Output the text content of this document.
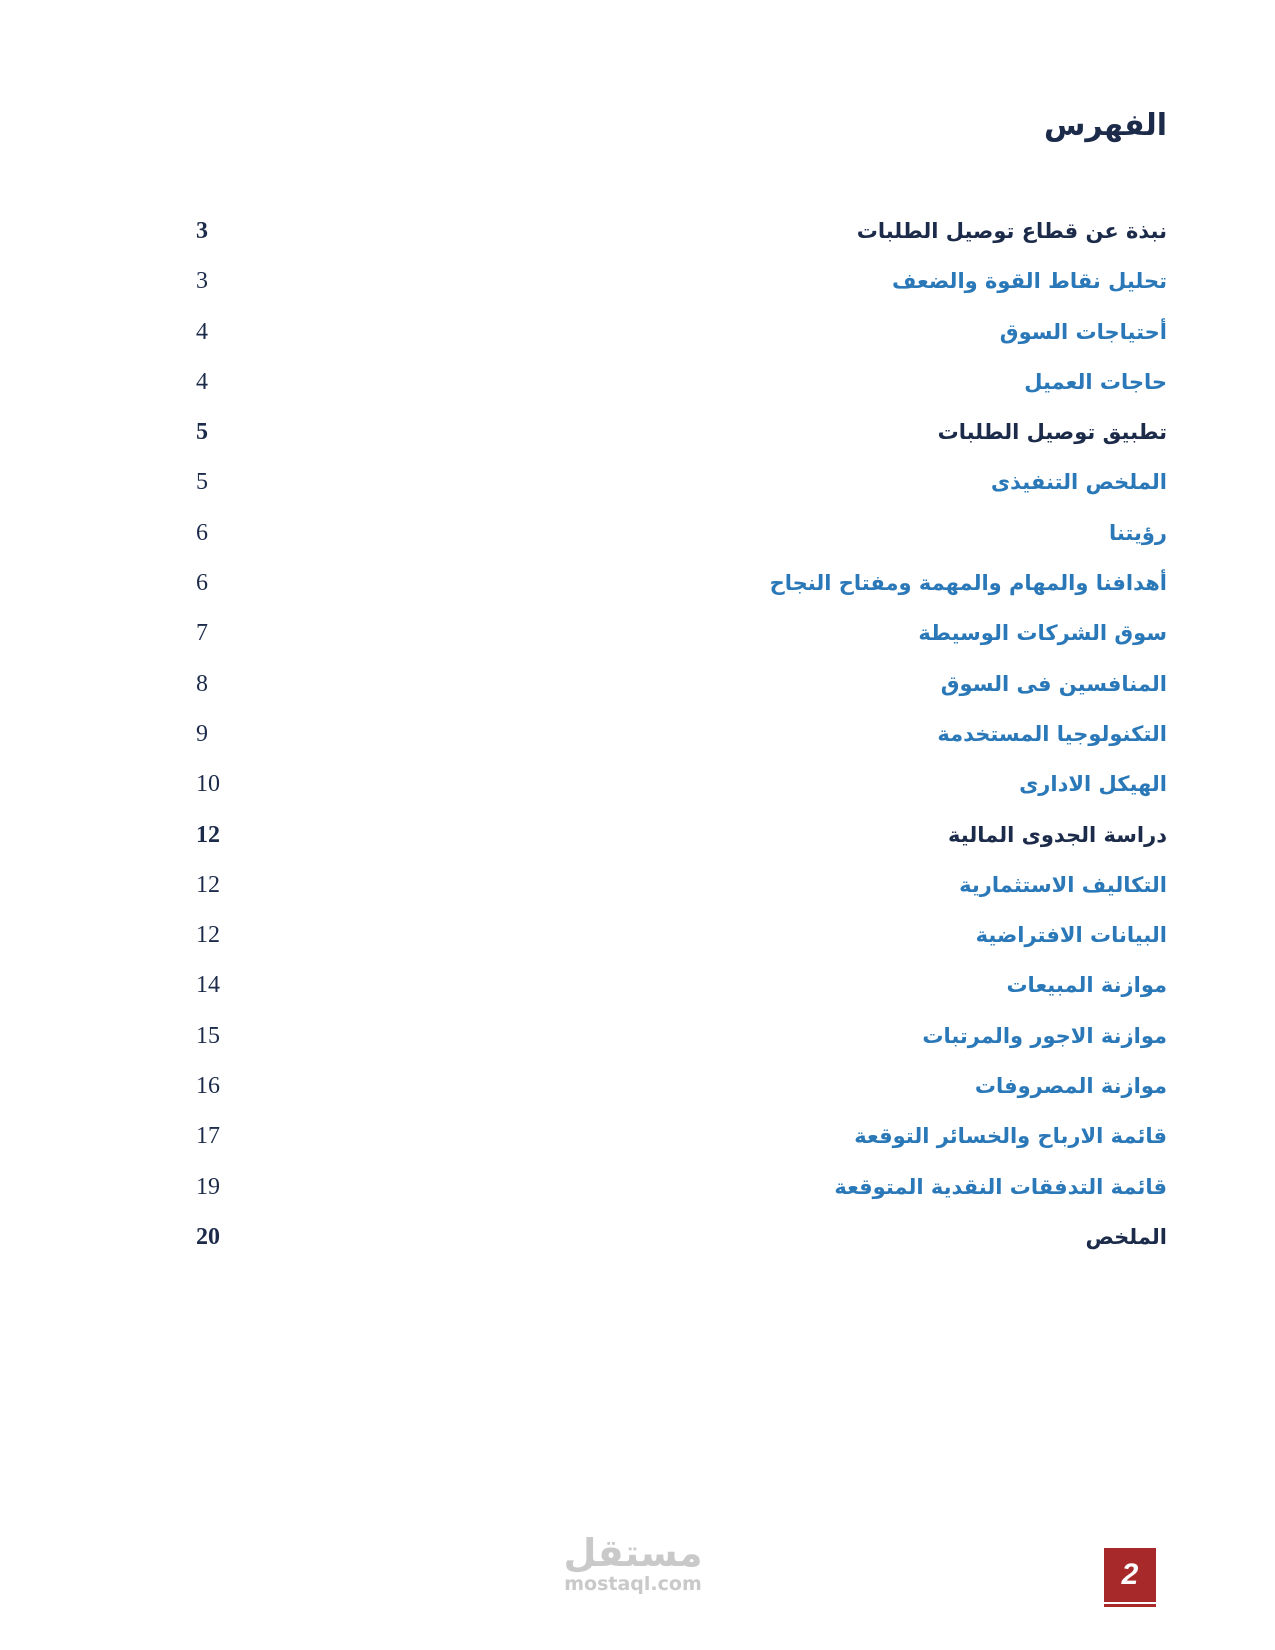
الفهرس
نبذة عن قطاع توصيل الطلبات
3
تحليل نقاط القوة والضعف
3
أحتياجات السوق
4
حاجات العميل
4
تطبيق توصيل الطلبات
5
الملخص التنفيذى
5
رؤيتنا
6
أهدافنا والمهام والمهمة ومفتاح النجاح
6
سوق الشركات الوسيطة
7
المنافسين فى السوق
8
التكنولوجيا المستخدمة
9
الهيكل الادارى
10
دراسة الجدوى المالية
12
التكاليف الاستثمارية
12
البيانات الافتراضية
12
موازنة المبيعات
14
موازنة الاجور والمرتبات
15
موازنة المصروفات
16
قائمة الارباح والخسائر التوقعة
17
قائمة التدفقات النقدية المتوقعة
19
الملخص
20
مستقل
mostaql.com	2
